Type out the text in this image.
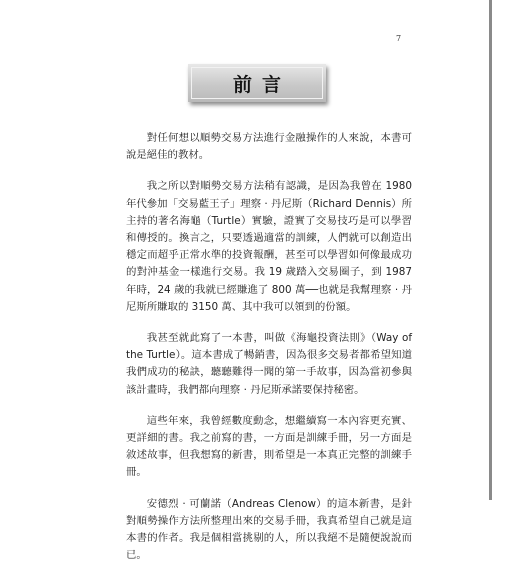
7
前言

對任何想以順勢交易方法進行金融操作的人來說，本書可說是絕佳的教材。

我之所以對順勢交易方法稍有認識，是因為我曾在 1980 年代參加「交易藍王子」理察 ‧ 丹尼斯（Richard Dennis）所主持的著名海龜（Turtle）實驗，證實了交易技巧是可以學習和傳授的。換言之，只要透過適當的訓練，人們就可以創造出穩定而超乎正常水準的投資報酬，甚至可以學習如何像最成功的對沖基金一樣進行交易。我 19 歲踏入交易圈子，到 1987 年時，24 歲的我就已經賺進了 800 萬──也就是我幫理察 ‧ 丹尼斯所賺取的 3150 萬、其中我可以領到的份額。

我甚至就此寫了一本書，叫做《海龜投資法則》（Way of the Turtle）。這本書成了暢銷書，因為很多交易者都希望知道我們成功的秘訣，聽聽難得一聞的第一手故事，因為當初參與該計畫時，我們都向理察 ‧ 丹尼斯承諾要保持秘密。

這些年來，我曾經數度動念，想繼續寫一本內容更充實、更詳細的書。我之前寫的書，一方面是訓練手冊，另一方面是敘述故事，但我想寫的新書，則希望是一本真正完整的訓練手冊。

安德烈 ‧ 可蘭諾（Andreas Clenow）的這本新書，是針對順勢操作方法所整理出來的交易手冊，我真希望自己就是這本書的作者。我是個相當挑剔的人，所以我絕不是隨便說說而已。
